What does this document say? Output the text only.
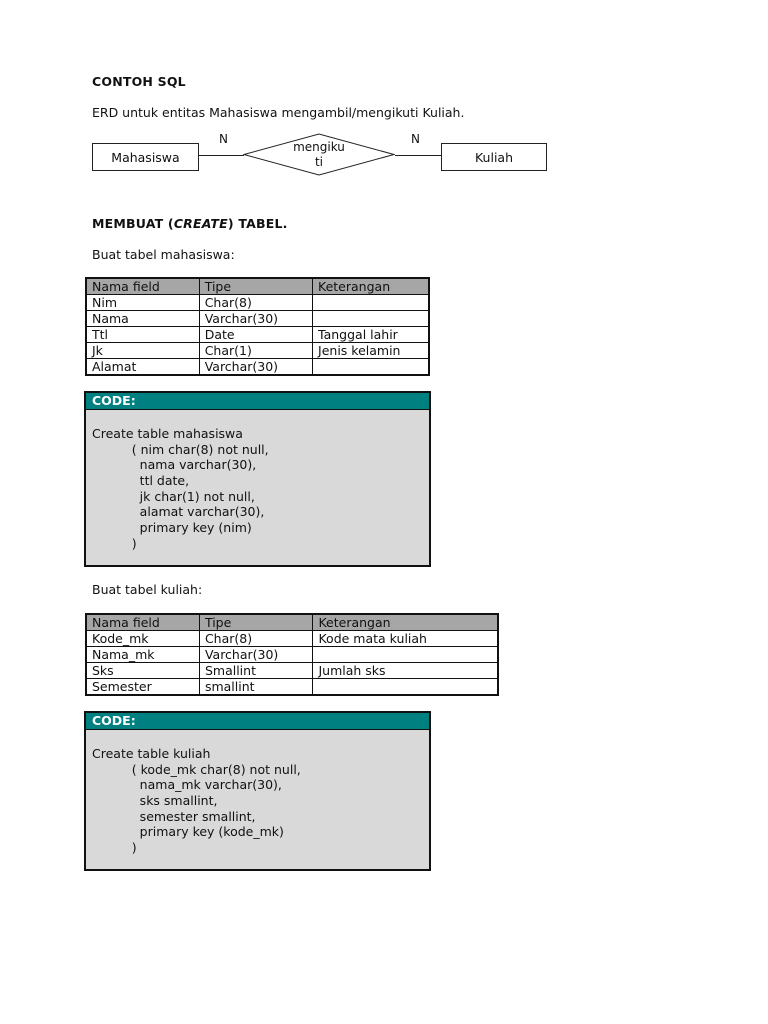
CONTOH SQL
ERD untuk entitas Mahasiswa mengambil/mengikuti Kuliah.
Mahasiswa
N
mengiku
ti
N
Kuliah
MEMBUAT (CREATE) TABEL.
Buat tabel mahasiswa:
Nama field	Tipe	Keterangan
Nim	Char(8)	
Nama	Varchar(30)	
Ttl	Date	Tanggal lahir
Jk	Char(1)	Jenis kelamin
Alamat	Varchar(30)	
CODE:
Create table mahasiswa
( nim char(8) not null,
nama varchar(30),
ttl date,
jk char(1) not null,
alamat varchar(30),
primary key (nim)
)
Buat tabel kuliah:
Nama field	Tipe	Keterangan
Kode_mk	Char(8)	Kode mata kuliah
Nama_mk	Varchar(30)	
Sks	Smallint	Jumlah sks
Semester	smallint	
CODE:
Create table kuliah
( kode_mk char(8) not null,
nama_mk varchar(30),
sks smallint,
semester smallint,
primary key (kode_mk)
)
